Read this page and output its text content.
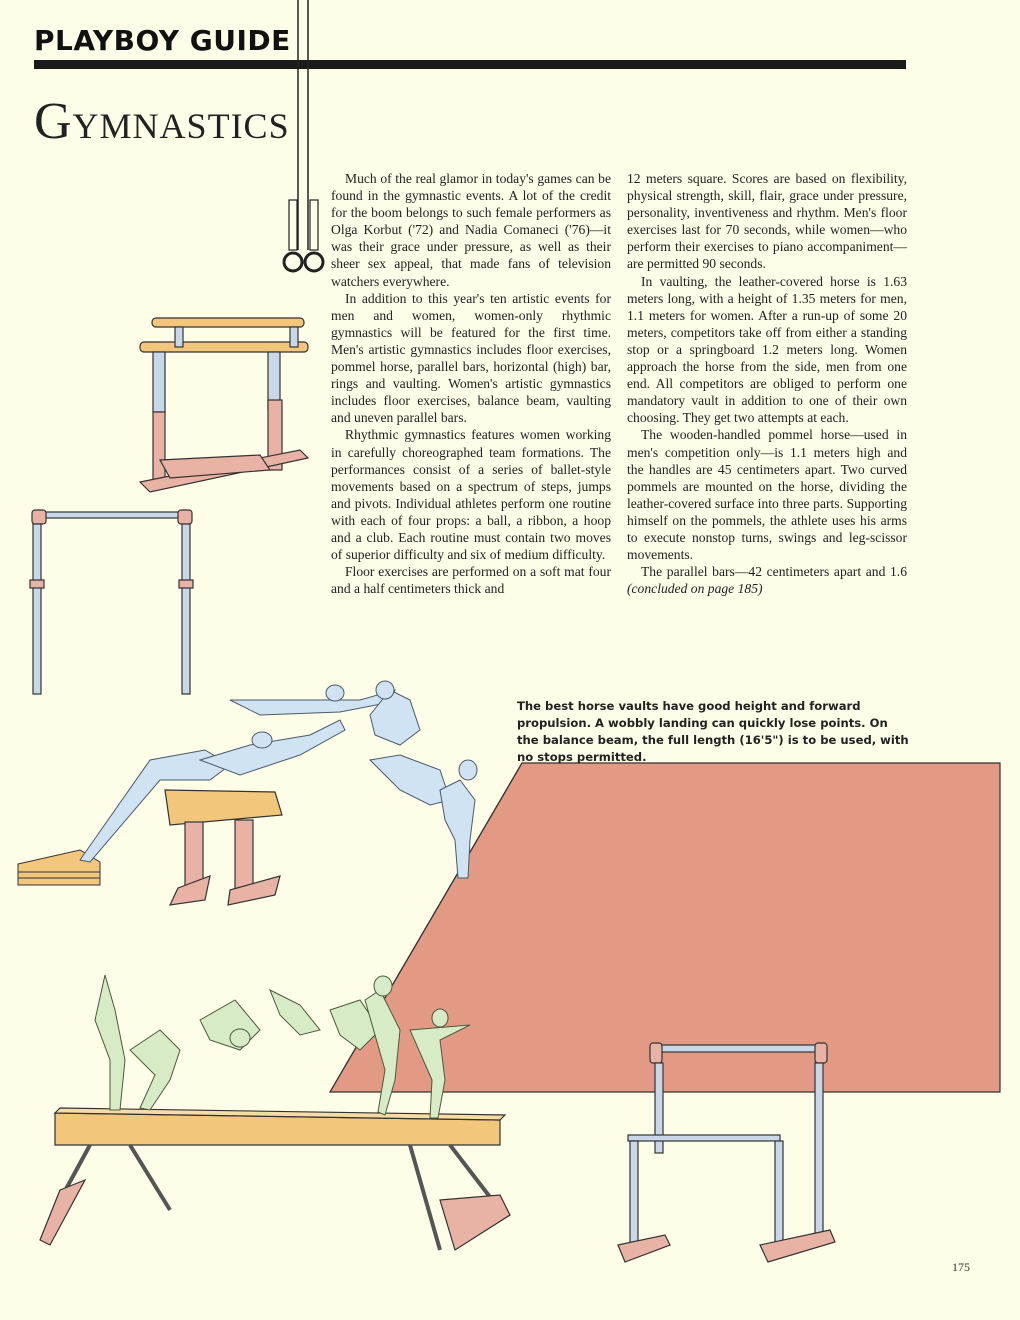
PLAYBOY GUIDE
Gymnastics

Much of the real glamor in today's games can be found in the gymnastic events. A lot of the credit for the boom belongs to such female performers as Olga Korbut ('72) and Nadia Comaneci ('76)—it was their grace under pressure, as well as their sheer sex appeal, that made fans of television watchers everywhere.

In addition to this year's ten artistic events for men and women, women-only rhythmic gymnastics will be featured for the first time. Men's artistic gymnastics includes floor exercises, pommel horse, parallel bars, horizontal (high) bar, rings and vaulting. Women's artistic gymnastics includes floor exercises, balance beam, vaulting and uneven parallel bars.

Rhythmic gymnastics features women working in carefully choreographed team formations. The performances consist of a series of ballet-style movements based on a spectrum of steps, jumps and pivots. Individual athletes perform one routine with each of four props: a ball, a ribbon, a hoop and a club. Each routine must contain two moves of superior difficulty and six of medium difficulty.

Floor exercises are performed on a soft mat four and a half centimeters thick and

12 meters square. Scores are based on flexibility, physical strength, skill, flair, grace under pressure, personality, inventiveness and rhythm. Men's floor exercises last for 70 seconds, while women—who perform their exercises to piano accompaniment—are permitted 90 seconds.

In vaulting, the leather-covered horse is 1.63 meters long, with a height of 1.35 meters for men, 1.1 meters for women. After a run-up of some 20 meters, competitors take off from either a standing stop or a springboard 1.2 meters long. Women approach the horse from the side, men from one end. All competitors are obliged to perform one mandatory vault in addition to one of their own choosing. They get two attempts at each.

The wooden-handled pommel horse—used in men's competition only—is 1.1 meters high and the handles are 45 centimeters apart. Two curved pommels are mounted on the horse, dividing the leather-covered surface into three parts. Supporting himself on the pommels, the athlete uses his arms to execute nonstop turns, swings and leg-scissor movements.

The parallel bars—42 centimeters apart and 1.6 (concluded on page 185)

The best horse vaults have good height and forward propulsion. A wobbly landing can quickly lose points. On the balance beam, the full length (16'5") is to be used, with no stops permitted.
175
